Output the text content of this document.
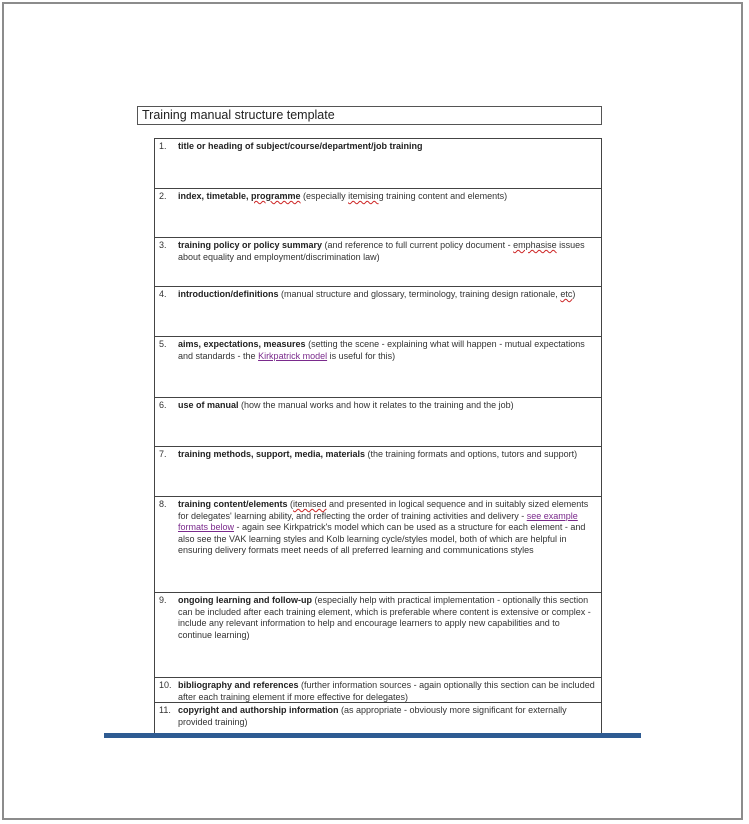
Training manual structure template
1.	title or heading of subject/course/department/job training
2.	index, timetable, programme (especially itemising training content and elements)
3.	training policy or policy summary (and reference to full current policy document - emphasise issues about equality and employment/discrimination law)
4.	introduction/definitions (manual structure and glossary, terminology, training design rationale, etc)
5.	aims, expectations, measures (setting the scene - explaining what will happen - mutual expectations and standards - the Kirkpatrick model is useful for this)
6.	use of manual (how the manual works and how it relates to the training and the job)
7.	training methods, support, media, materials (the training formats and options, tutors and support)
8.	training content/elements (itemised and presented in logical sequence and in suitably sized elements for delegates' learning ability, and reflecting the order of training activities and delivery - see example formats below - again see Kirkpatrick's model which can be used as a structure for each element - and also see the VAK learning styles and Kolb learning cycle/styles model, both of which are helpful in ensuring delivery formats meet needs of all preferred learning and communications styles
9.	ongoing learning and follow-up (especially help with practical implementation - optionally this section can be included after each training element, which is preferable where content is extensive or complex - include any relevant information to help and encourage learners to apply new capabilities and to continue learning)
10. bibliography and references (further information sources - again optionally this section can be included after each training element if more effective for delegates)
11. copyright and authorship information (as appropriate - obviously more significant for externally provided training)
